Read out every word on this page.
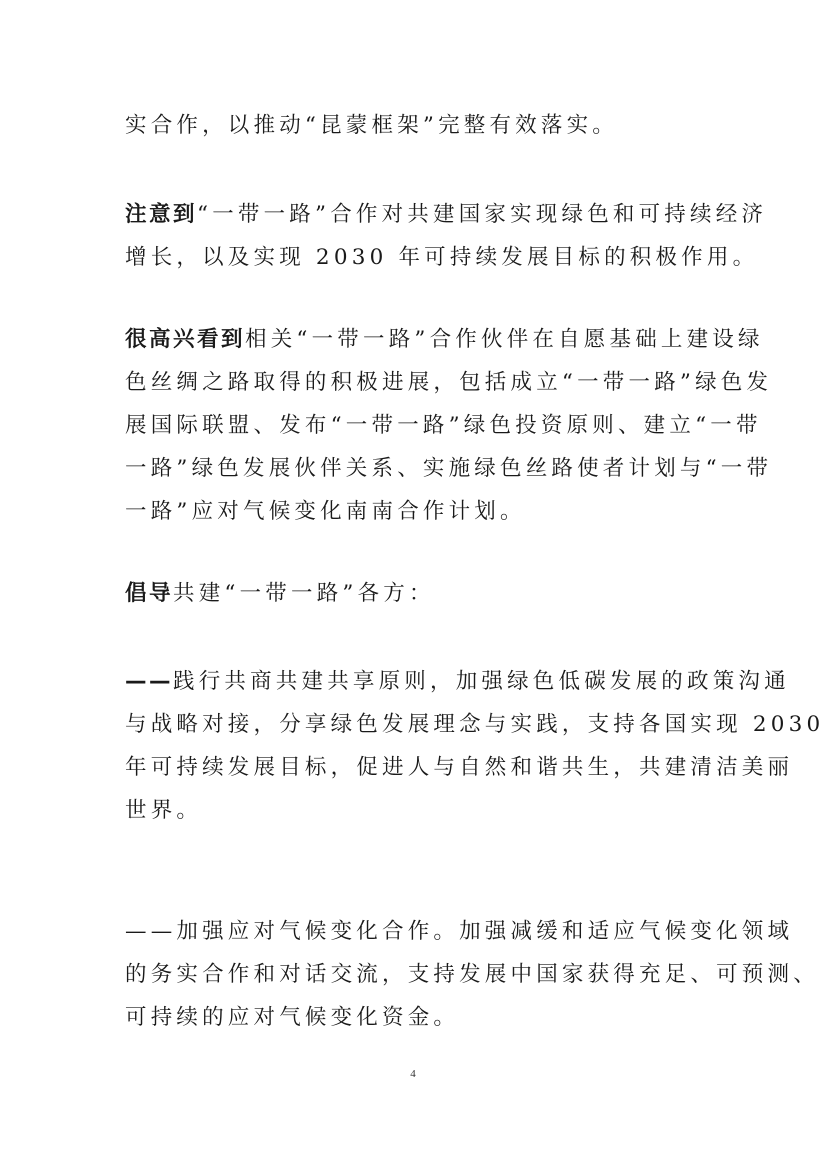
实合作，以推动“昆蒙框架”完整有效落实。

注意到“一带一路”合作对共建国家实现绿色和可持续经济
增长，以及实现 2030 年可持续发展目标的积极作用。

很高兴看到相关“一带一路”合作伙伴在自愿基础上建设绿
色丝绸之路取得的积极进展，包括成立“一带一路”绿色发
展国际联盟、发布“一带一路”绿色投资原则、建立“一带
一路”绿色发展伙伴关系、实施绿色丝路使者计划与“一带
一路”应对气候变化南南合作计划。

倡导共建“一带一路”各方：

——践行共商共建共享原则，加强绿色低碳发展的政策沟通
与战略对接，分享绿色发展理念与实践，支持各国实现 2030
年可持续发展目标，促进人与自然和谐共生，共建清洁美丽
世界。

——加强应对气候变化合作。加强减缓和适应气候变化领域
的务实合作和对话交流，支持发展中国家获得充足、可预测、
可持续的应对气候变化资金。

4
